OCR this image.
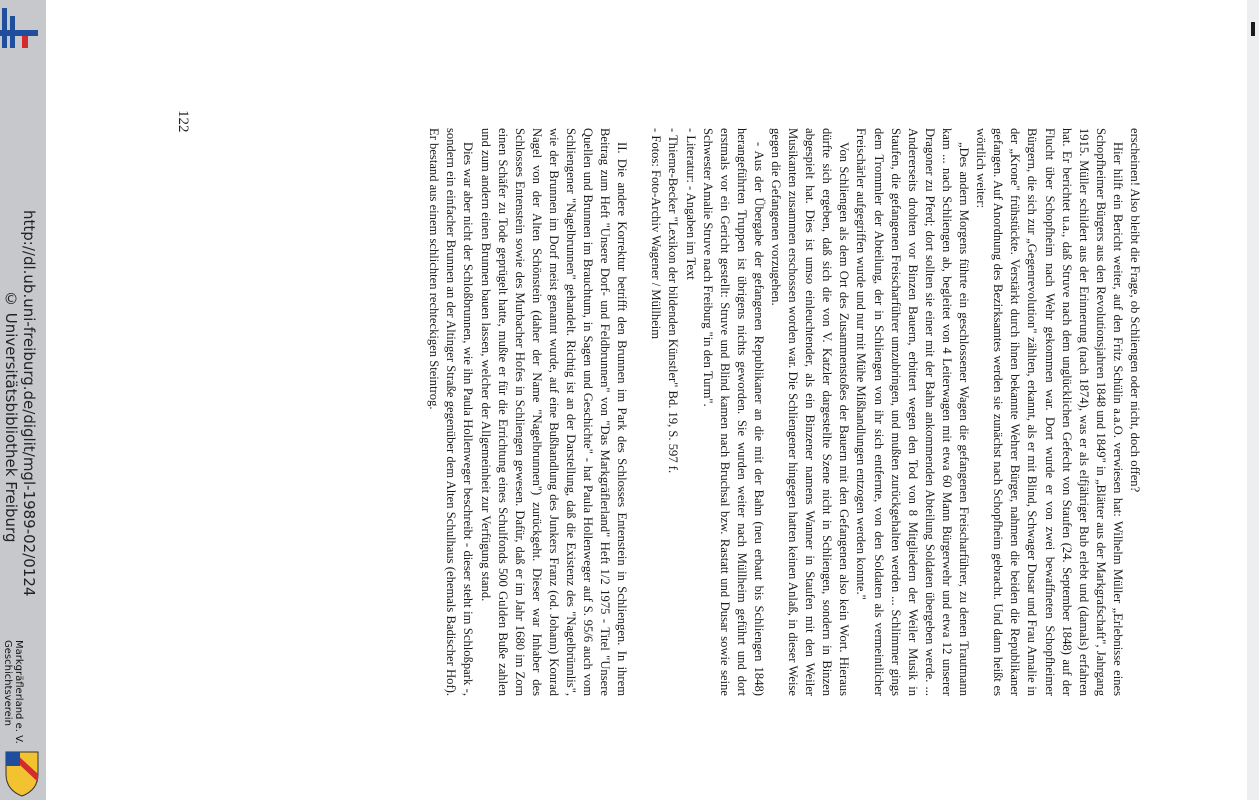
© Universitätsbibliothek Freiburg http://dl.ub.uni-freiburg.de/diglit/mgl-1989-02/0124
Markgräflerland e. V.
Geschichtsverein
122

erscheinen! Also bleibt die Frage, ob Schliengen oder nicht, doch offen?

Hier hilft ein Bericht weiter, auf den Fritz Schülin a.a.O. verwiesen hat: Wilhelm Müller „Erlebnisse eines Schopfheimer Bürgers aus den Revolutionsjahren 1848 und 1849" in „Blätter aus der Markgrafschaft", Jahrgang 1915. Müller schildert aus der Erinnerung (nach 1874), was er als elfjähriger Bub erlebt und (damals) erfahren hat. Er berichtet u.a., daß Struve nach dem unglücklichen Gefecht von Staufen (24. September 1848) auf der Flucht über Schopfheim nach Wehr gekommen war. Dort wurde er von zwei bewaffneten Schopfheimer Bürgern, die sich zur „Gegenrevolution" zählten, erkannt, als er mit Blind, Schwager Dusar und Frau Amalie in der „Krone" frühstückte. Verstärkt durch ihnen bekannte Wehrer Bürger, nahmen die beiden die Republikaner gefangen. Auf Anordnung des Bezirksamtes werden sie zunächst nach Schopfheim gebracht. Und dann heißt es wörtlich weiter:

„Des andern Morgens führte ein geschlossener Wagen die gefangenen Freischarführer, zu denen Trautmann kam ... nach Schliengen ab, begleitet von 4 Leiterwagen mit etwa 60 Mann Bürgerwehr und etwa 12 unserer Dragoner zu Pferd; dort sollten sie einer mit der Bahn ankommenden Abteilung Soldaten übergeben werde. ... Andererseits drohten vor Binzen Bauern, erbittert wegen den Tod von 8 Mitgliedern der Weiler Musik in Staufen, die gefangenen Freischarführer umzubringen, und mußten zurückgehalten werden ... Schlimmer gings dem Trommler der Abteilung, der in Schliengen von ihr sich entfernte, von den Soldaten als vermeintlicher Freischärler aufgegriffen wurde und nur mit Mühe Mißhandlungen entzogen werden konnte."

Von Schliengen als dem Ort des Zusammenstoßes der Bauern mit den Gefangenen also kein Wort. Hieraus dürfte sich ergeben, daß sich die von V. Katzler dargestellte Szene nicht in Schliengen, sondern in Binzen abgespielt hat. Dies ist umso einleuchtender, als ein Binzener namens Wanner in Staufen mit den Weiler Musikanten zusammen erschossen worden war. Die Schliengener hingegen hatten keinen Anlaß, in dieser Weise gegen die Gefangenen vorzugehen.

- Aus der Übergabe der gefangenen Republikaner an die mit der Bahn (neu erbaut bis Schliengen 1848) herangeführten Truppen ist übrigens nichts geworden. Sie wurden weiter nach Müllheim geführt und dort erstmals vor ein Gericht gestellt: Struve und Blind kamen nach Bruchsal bzw. Rastatt und Dusar sowie seine Schwester Amalie Struve nach Freiburg "in den Turm".

- Literatur: - Angaben im Text

- Thieme-Becker "Lexikon der bildenden Künstler" Bd. 19, S. 597 f.

- Fotos: Foto-Archiv Wagener / Müllheim

II. Die andere Korrektur betrifft den Brunnen im Park des Schlosses Entenstein in Schliengen. In ihrem Beitrag zum Heft "Unsere Dorf- und Feldbrunnen" von "Das Markgräflerland" Heft 1/2 1975 - Titel "Unsere Quellen und Brunnen im Brauchtum, in Sagen und Geschichte" - hat Paula Hollenweger auf S. 95/6 auch vom Schliengener "Nagelbrunnen" gehandelt. Richtig ist an der Darstellung, daß die Existenz des "Nagelbrünnlis", wie der Brunnen im Dorf meist genannt wurde, auf eine Bußhandlung des Junkers Franz (od. Johann) Konrad Nagel von der Alten Schönstein (daher der Name "Nagelbrunnen") zurückgeht. Dieser war Inhaber des Schlosses Entenstein sowie des Murbacher Hofes in Schliengen gewesen. Dafür, daß er im Jahr 1680 im Zorn einen Schäfer zu Tode geprügelt hatte, mußte er für die Errichtung eines Schulfonds 500 Gulden Buße zahlen und zum andern einen Brunnen bauen lassen, welcher der Allgemeinheit zur Verfügung stand.

Dies war aber nicht der Schloßbrunnen, wie ihn Paula Hollenweger beschreibt - dieser steht im Schloßpark -, sondern ein einfacher Brunnen an der Altinger Straße gegenüber dem Alten Schulhaus (ehemals Badischer Hof). Er bestand aus einem schlichten rechteckigen Steintrog.
